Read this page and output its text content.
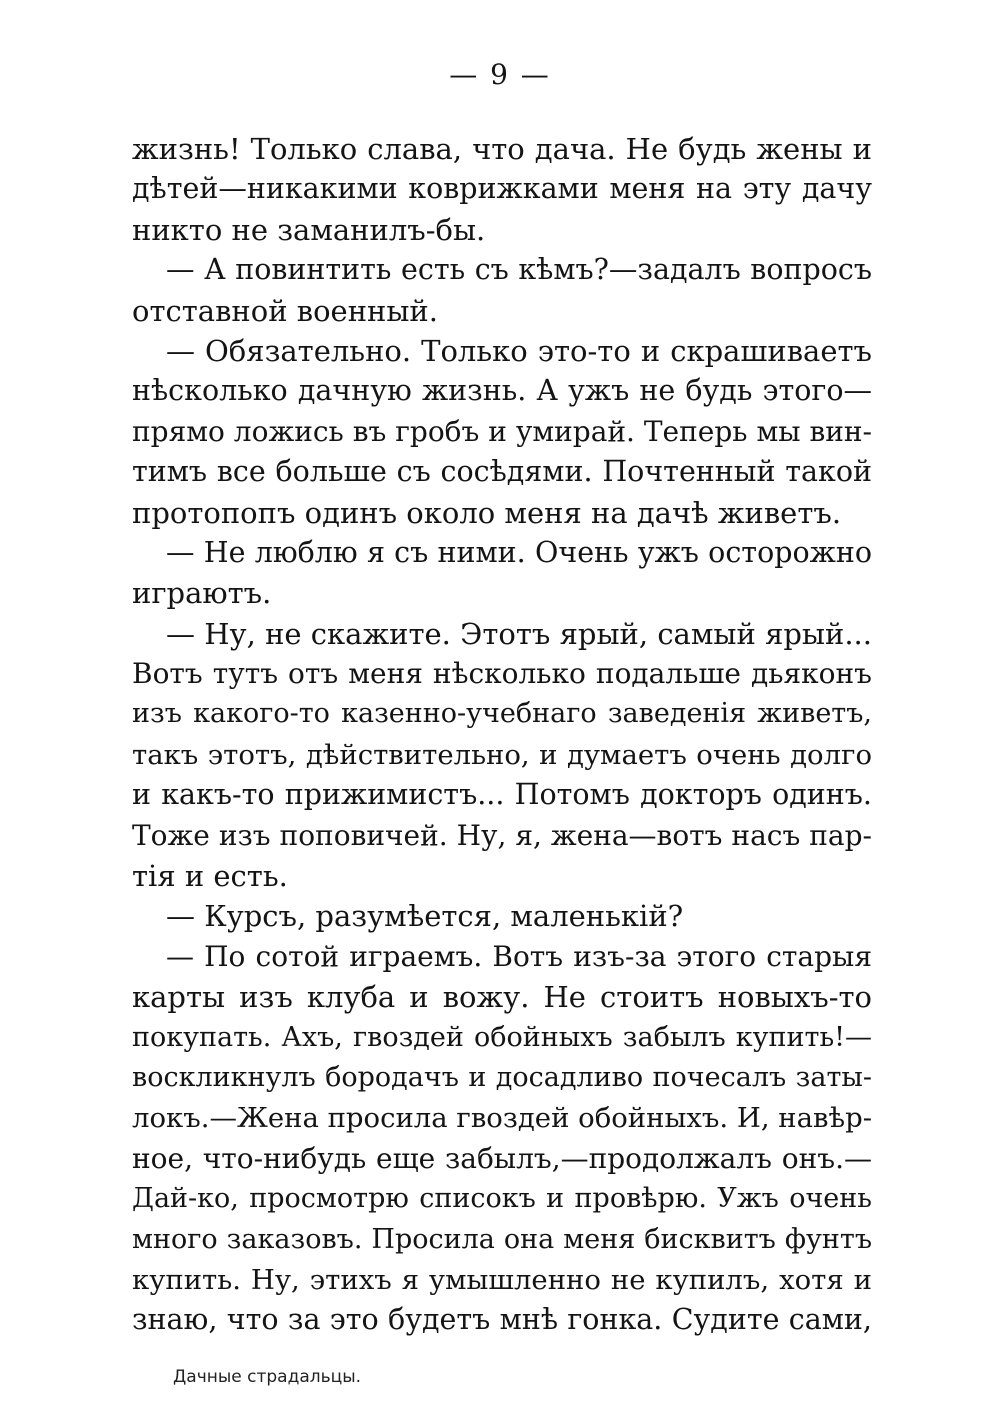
— 9 —
жизнь! Только слава, что дача. Не будь жены и
дѣтей—никакими коврижками меня на эту дачу
никто не заманилъ-бы.
— А повинтить есть съ кѣмъ?—задалъ вопросъ
отставной военный.
— Обязательно. Только это-то и скрашиваетъ
нѣсколько дачную жизнь. А ужъ не будь этого—
прямо ложись въ гробъ и умирай. Теперь мы вин-
тимъ все больше съ сосѣдями. Почтенный такой
протопопъ одинъ около меня на дачѣ живетъ.
— Не люблю я съ ними. Очень ужъ осторожно
играютъ.
— Ну, не скажите. Этотъ ярый, самый ярый...
Вотъ тутъ отъ меня нѣсколько подальше дьяконъ
изъ какого-то казенно-учебнаго заведенія живетъ,
такъ этотъ, дѣйствительно, и думаетъ очень долго
и какъ-то прижимистъ... Потомъ докторъ одинъ.
Тоже изъ поповичей. Ну, я, жена—вотъ насъ пар-
тія и есть.
— Курсъ, разумѣется, маленькій?
— По сотой играемъ. Вотъ изъ-за этого старыя
карты изъ клуба и вожу. Не стоитъ новыхъ-то
покупать. Ахъ, гвоздей обойныхъ забылъ купить!—
воскликнулъ бородачъ и досадливо почесалъ заты-
локъ.—Жена просила гвоздей обойныхъ. И, навѣр-
ное, что-нибудь еще забылъ,—продолжалъ онъ.—
Дай-ко, просмотрю списокъ и провѣрю. Ужъ очень
много заказовъ. Просила она меня бисквитъ фунтъ
купить. Ну, этихъ я умышленно не купилъ, хотя и
знаю, что за это будетъ мнѣ гонка. Судите сами,
Дачные страдальцы.
